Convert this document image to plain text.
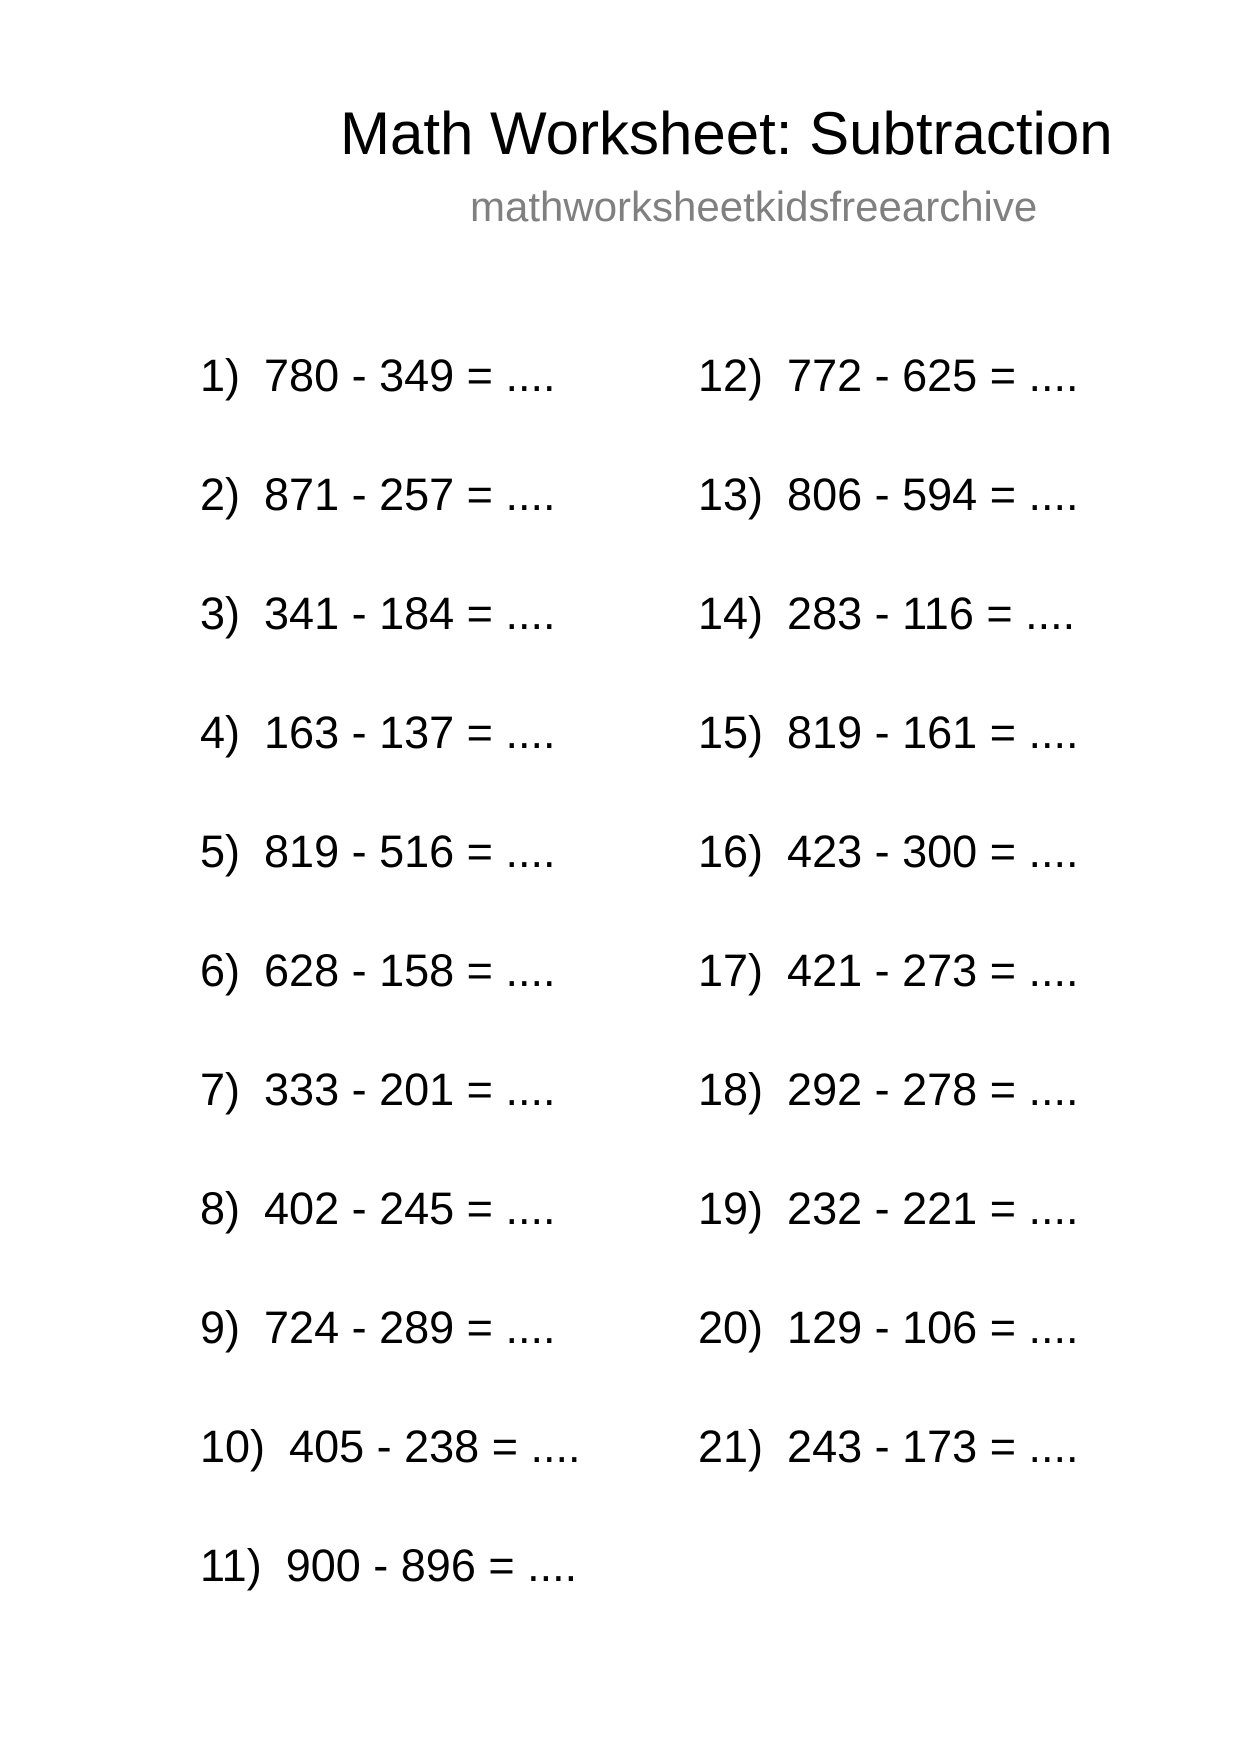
Math Worksheet: Subtraction
mathworksheetkidsfreearchive
1) 780 - 349 = ....
2) 871 - 257 = ....
3) 341 - 184 = ....
4) 163 - 137 = ....
5) 819 - 516 = ....
6) 628 - 158 = ....
7) 333 - 201 = ....
8) 402 - 245 = ....
9) 724 - 289 = ....
10) 405 - 238 = ....
11) 900 - 896 = ....
12) 772 - 625 = ....
13) 806 - 594 = ....
14) 283 - 116 = ....
15) 819 - 161 = ....
16) 423 - 300 = ....
17) 421 - 273 = ....
18) 292 - 278 = ....
19) 232 - 221 = ....
20) 129 - 106 = ....
21) 243 - 173 = ....
